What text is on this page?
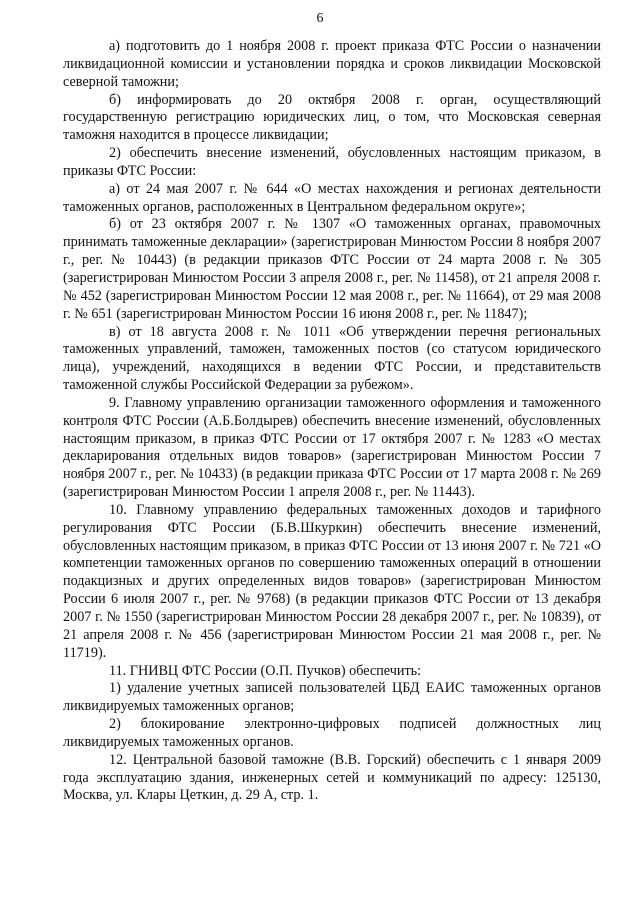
6

а) подготовить до 1 ноября 2008 г. проект приказа ФТС России о назначении ликвидационной комиссии и установлении порядка и сроков ликвидации Московской северной таможни;

б) информировать до 20 октября 2008 г. орган, осуществляющий государственную регистрацию юридических лиц, о том, что Московская северная таможня находится в процессе ликвидации;

2) обеспечить внесение изменений, обусловленных настоящим приказом, в приказы ФТС России:

а) от 24 мая 2007 г. № 644 «О местах нахождения и регионах деятельности таможенных органов, расположенных в Центральном федеральном округе»;

б) от 23 октября 2007 г. № 1307 «О таможенных органах, правомочных принимать таможенные декларации» (зарегистрирован Минюстом России 8 ноября 2007 г., рег. № 10443) (в редакции приказов ФТС России от 24 марта 2008 г. № 305 (зарегистрирован Минюстом России 3 апреля 2008 г., рег. № 11458), от 21 апреля 2008 г. № 452 (зарегистрирован Минюстом России 12 мая 2008 г., рег. № 11664), от 29 мая 2008 г. № 651 (зарегистрирован Минюстом России 16 июня 2008 г., рег. № 11847);

в) от 18 августа 2008 г. № 1011 «Об утверждении перечня региональных таможенных управлений, таможен, таможенных постов (со статусом юридического лица), учреждений, находящихся в ведении ФТС России, и представительств таможенной службы Российской Федерации за рубежом».

9. Главному управлению организации таможенного оформления и таможенного контроля ФТС России (А.Б.Болдырев) обеспечить внесение изменений, обусловленных настоящим приказом, в приказ ФТС России от 17 октября 2007 г. № 1283 «О местах декларирования отдельных видов товаров» (зарегистрирован Минюстом России 7 ноября 2007 г., рег. № 10433) (в редакции приказа ФТС России от 17 марта 2008 г. № 269 (зарегистрирован Минюстом России 1 апреля 2008 г., рег. № 11443).

10. Главному управлению федеральных таможенных доходов и тарифного регулирования ФТС России (Б.В.Шкуркин) обеспечить внесение изменений, обусловленных настоящим приказом, в приказ ФТС России от 13 июня 2007 г. № 721 «О компетенции таможенных органов по совершению таможенных операций в отношении подакцизных и других определенных видов товаров» (зарегистрирован Минюстом России 6 июля 2007 г., рег. № 9768) (в редакции приказов ФТС России от 13 декабря 2007 г. № 1550 (зарегистрирован Минюстом России 28 декабря 2007 г., рег. № 10839), от 21 апреля 2008 г. № 456 (зарегистрирован Минюстом России 21 мая 2008 г., рег. № 11719).

11. ГНИВЦ ФТС России (О.П. Пучков) обеспечить:

1) удаление учетных записей пользователей ЦБД ЕАИС таможенных органов ликвидируемых таможенных органов;

2) блокирование электронно-цифровых подписей должностных лиц ликвидируемых таможенных органов.

12. Центральной базовой таможне (В.В. Горский) обеспечить с 1 января 2009 года эксплуатацию здания, инженерных сетей и коммуникаций по адресу: 125130, Москва, ул. Клары Цеткин, д. 29 А, стр. 1.
